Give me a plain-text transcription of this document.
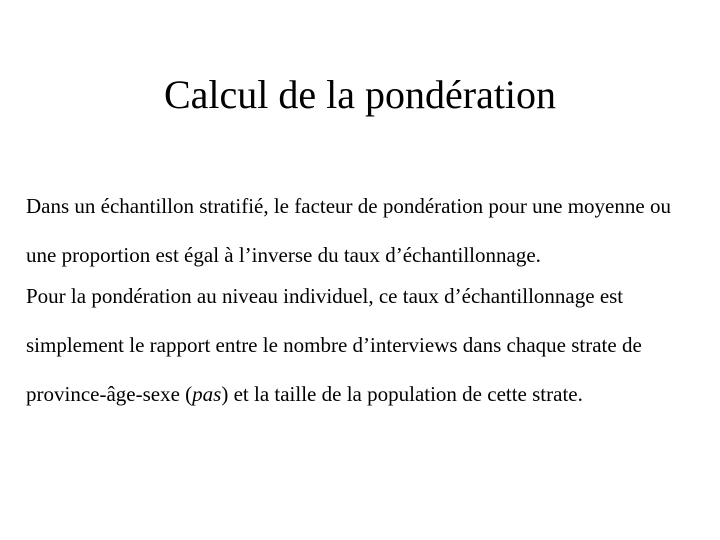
Calcul de la pondération

Dans un échantillon stratifié, le facteur de pondération pour une moyenne ou une proportion est égal à l’inverse du taux d’échantillonnage.

Pour la pondération au niveau individuel, ce taux d’échantillonnage est simplement le rapport entre le nombre d’interviews dans chaque strate de province-âge-sexe (pas) et la taille de la population de cette strate.
